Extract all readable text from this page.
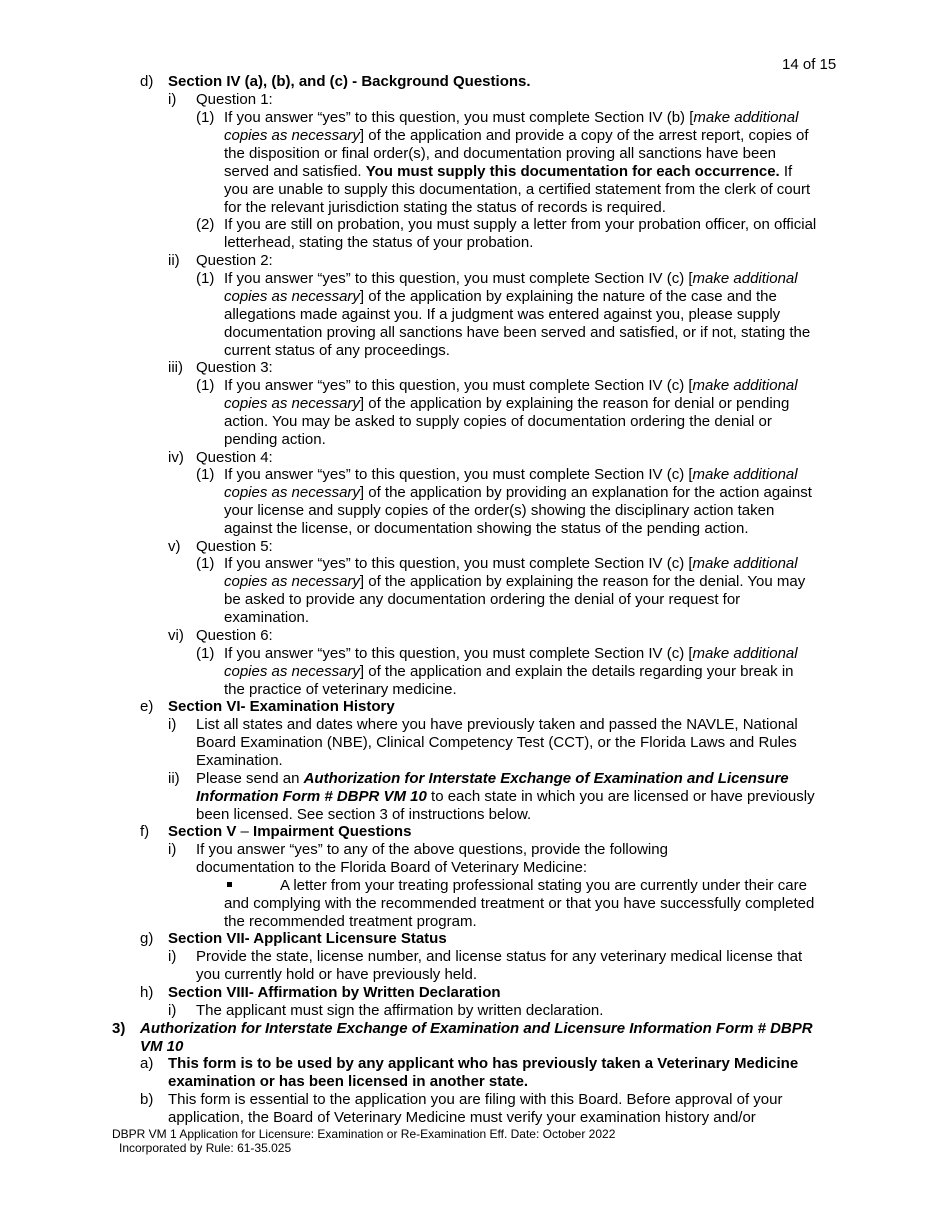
14 of 15
d) Section IV (a), (b), and (c) - Background Questions.
i) Question 1:
(1) If you answer “yes” to this question, you must complete Section IV (b) [make additional
copies as necessary] of the application and provide a copy of the arrest report, copies of
the disposition or final order(s), and documentation proving all sanctions have been
served and satisfied. You must supply this documentation for each occurrence. If
you are unable to supply this documentation, a certified statement from the clerk of court
for the relevant jurisdiction stating the status of records is required.
(2) If you are still on probation, you must supply a letter from your probation officer, on official
letterhead, stating the status of your probation.
ii) Question 2:
(1) If you answer “yes” to this question, you must complete Section IV (c) [make additional
copies as necessary] of the application by explaining the nature of the case and the
allegations made against you. If a judgment was entered against you, please supply
documentation proving all sanctions have been served and satisfied, or if not, stating the
current status of any proceedings.
iii) Question 3:
(1) If you answer “yes” to this question, you must complete Section IV (c) [make additional
copies as necessary] of the application by explaining the reason for denial or pending
action. You may be asked to supply copies of documentation ordering the denial or
pending action.
iv) Question 4:
(1) If you answer “yes” to this question, you must complete Section IV (c) [make additional
copies as necessary] of the application by providing an explanation for the action against
your license and supply copies of the order(s) showing the disciplinary action taken
against the license, or documentation showing the status of the pending action.
v) Question 5:
(1) If you answer “yes” to this question, you must complete Section IV (c) [make additional
copies as necessary] of the application by explaining the reason for the denial. You may
be asked to provide any documentation ordering the denial of your request for
examination.
vi) Question 6:
(1) If you answer “yes” to this question, you must complete Section IV (c) [make additional
copies as necessary] of the application and explain the details regarding your break in
the practice of veterinary medicine.
e) Section VI- Examination History
i) List all states and dates where you have previously taken and passed the NAVLE, National
Board Examination (NBE), Clinical Competency Test (CCT), or the Florida Laws and Rules
Examination.
ii) Please send an Authorization for Interstate Exchange of Examination and Licensure
Information Form # DBPR VM 10 to each state in which you are licensed or have previously
been licensed. See section 3 of instructions below.
f) Section V – Impairment Questions
i) If you answer “yes” to any of the above questions, provide the following
documentation to the Florida Board of Veterinary Medicine:
A letter from your treating professional stating you are currently under their care
and complying with the recommended treatment or that you have successfully completed
the recommended treatment program.
g) Section VII- Applicant Licensure Status
i) Provide the state, license number, and license status for any veterinary medical license that
you currently hold or have previously held.
h) Section VIII- Affirmation by Written Declaration
i) The applicant must sign the affirmation by written declaration.
3) Authorization for Interstate Exchange of Examination and Licensure Information Form # DBPR
VM 10
a) This form is to be used by any applicant who has previously taken a Veterinary Medicine
examination or has been licensed in another state.
b) This form is essential to the application you are filing with this Board. Before approval of your
application, the Board of Veterinary Medicine must verify your examination history and/or
DBPR VM 1 Application for Licensure: Examination or Re-Examination Eff. Date: October 2022
Incorporated by Rule: 61-35.025
